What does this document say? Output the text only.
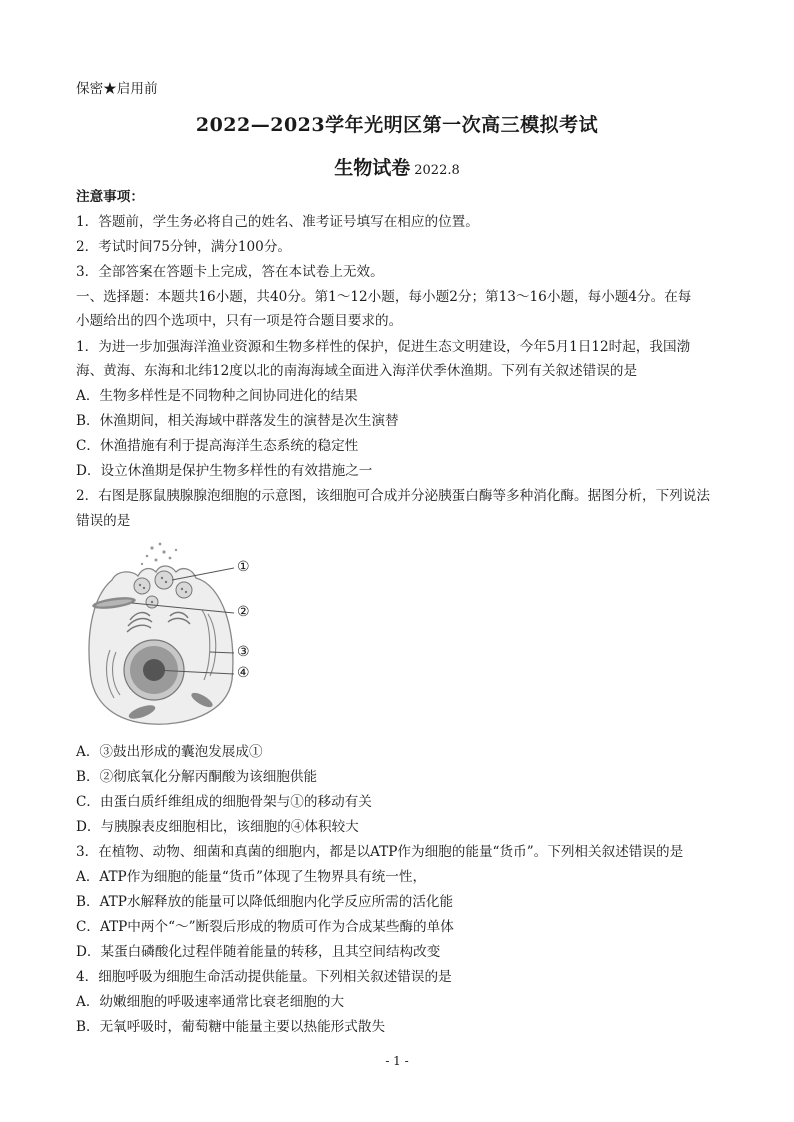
保密★启用前
2022—2023学年光明区第一次高三模拟考试
生物试卷 2022.8
注意事项：
1．答题前，学生务必将自己的姓名、准考证号填写在相应的位置。
2．考试时间75分钟，满分100分。
3．全部答案在答题卡上完成，答在本试卷上无效。
一、选择题：本题共16小题，共40分。第1～12小题，每小题2分；第13～16小题，每小题4分。在每
小题给出的四个选项中，只有一项是符合题目要求的。
1．为进一步加强海洋渔业资源和生物多样性的保护，促进生态文明建设，今年5月1日12时起，我国渤
海、黄海、东海和北纬12度以北的南海海域全面进入海洋伏季休渔期。下列有关叙述错误的是
A．生物多样性是不同物种之间协同进化的结果
B．休渔期间，相关海域中群落发生的演替是次生演替
C．休渔措施有利于提高海洋生态系统的稳定性
D．设立休渔期是保护生物多样性的有效措施之一
2．右图是豚鼠胰腺腺泡细胞的示意图，该细胞可合成并分泌胰蛋白酶等多种消化酶。据图分析，下列说法
错误的是
①
②
③
④
A．③鼓出形成的囊泡发展成①
B．②彻底氧化分解丙酮酸为该细胞供能
C．由蛋白质纤维组成的细胞骨架与①的移动有关
D．与胰腺表皮细胞相比，该细胞的④体积较大
3．在植物、动物、细菌和真菌的细胞内，都是以ATP作为细胞的能量“货币”。下列相关叙述错误的是
A．ATP作为细胞的能量“货币”体现了生物界具有统一性，
B．ATP水解释放的能量可以降低细胞内化学反应所需的活化能
C．ATP中两个“～”断裂后形成的物质可作为合成某些酶的单体
D．某蛋白磷酸化过程伴随着能量的转移，且其空间结构改变
4．细胞呼吸为细胞生命活动提供能量。下列相关叙述错误的是
A．幼嫩细胞的呼吸速率通常比衰老细胞的大
B．无氧呼吸时，葡萄糖中能量主要以热能形式散失
- 1 -
